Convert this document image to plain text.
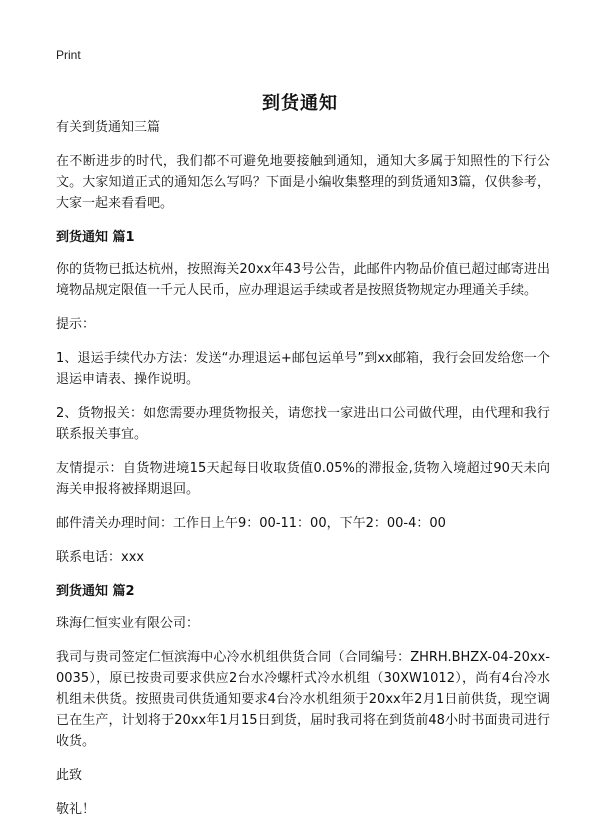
Print
到货通知

有关到货通知三篇

在不断进步的时代，我们都不可避免地要接触到通知，通知大多属于知照性的下行公文。大家知道正式的通知怎么写吗？下面是小编收集整理的到货通知3篇，仅供参考，大家一起来看看吧。

到货通知 篇1

你的货物已抵达杭州，按照海关20xx年43号公告，此邮件内物品价值已超过邮寄进出境物品规定限值一千元人民币，应办理退运手续或者是按照货物规定办理通关手续。

提示：

1、退运手续代办方法：发送“办理退运+邮包运单号”到xx邮箱，我行会回发给您一个退运申请表、操作说明。

2、货物报关：如您需要办理货物报关，请您找一家进出口公司做代理，由代理和我行联系报关事宜。

友情提示：自货物进境15天起每日收取货值0.05%的滞报金,货物入境超过90天未向海关申报将被择期退回。

邮件清关办理时间：工作日上午9：00-11：00，下午2：00-4：00

联系电话：xxx

到货通知 篇2

珠海仁恒实业有限公司：

我司与贵司签定仁恒滨海中心冷水机组供货合同（合同编号：ZHRH.BHZX-04-20xx-0035），原已按贵司要求供应2台水冷螺杆式冷水机组（30XW1012），尚有4台冷水机组未供货。按照贵司供货通知要求4台冷水机组须于20xx年2月1日前供货，现空调已在生产，计划将于20xx年1月15日到货，届时我司将在到货前48小时书面贵司进行收货。

此致

敬礼！
